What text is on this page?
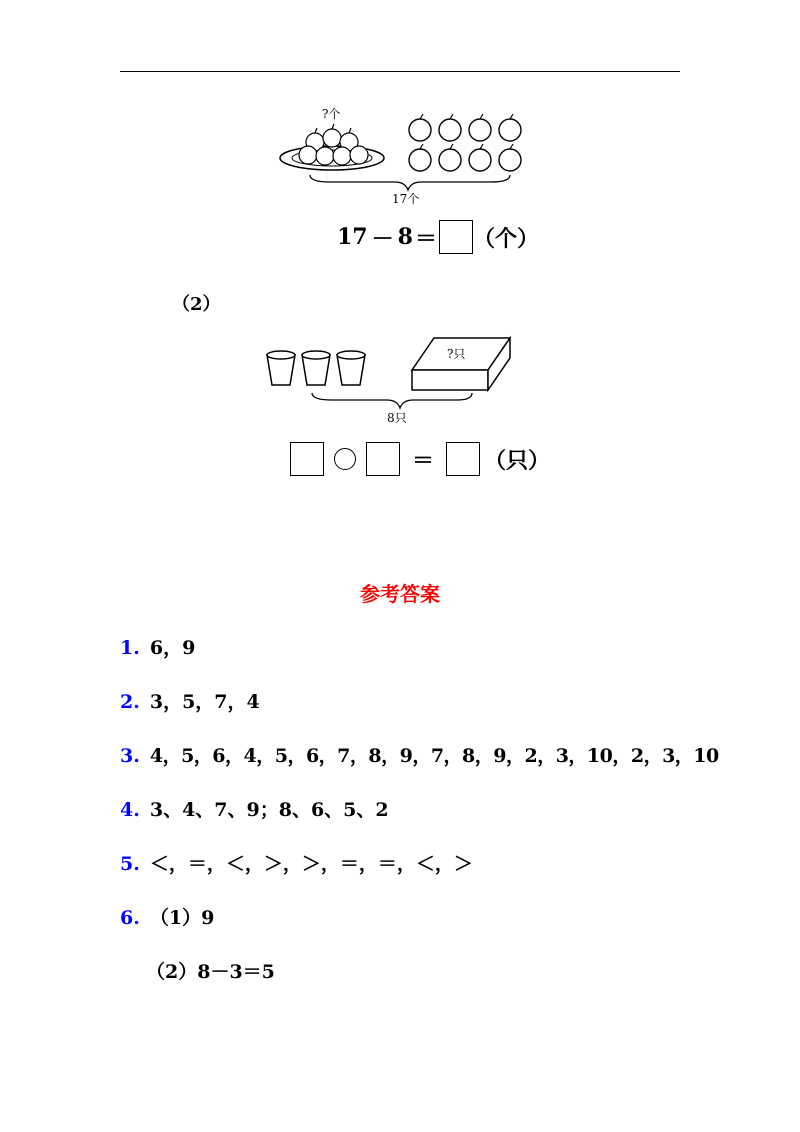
?个
17个
17 － 8 ＝ （个）
（2）
?只
8只
＝ （只）
参考答案
1. 6，9
2. 3，5，7，4
3. 4，5，6，4，5，6，7，8，9，7，8，9，2，3，10，2，3，10
4. 3、4、7、9；8、6、5、2
5. ＜，＝，＜，＞，＞，＝，＝，＜，＞
6. （1）9
（2）8－3＝5
